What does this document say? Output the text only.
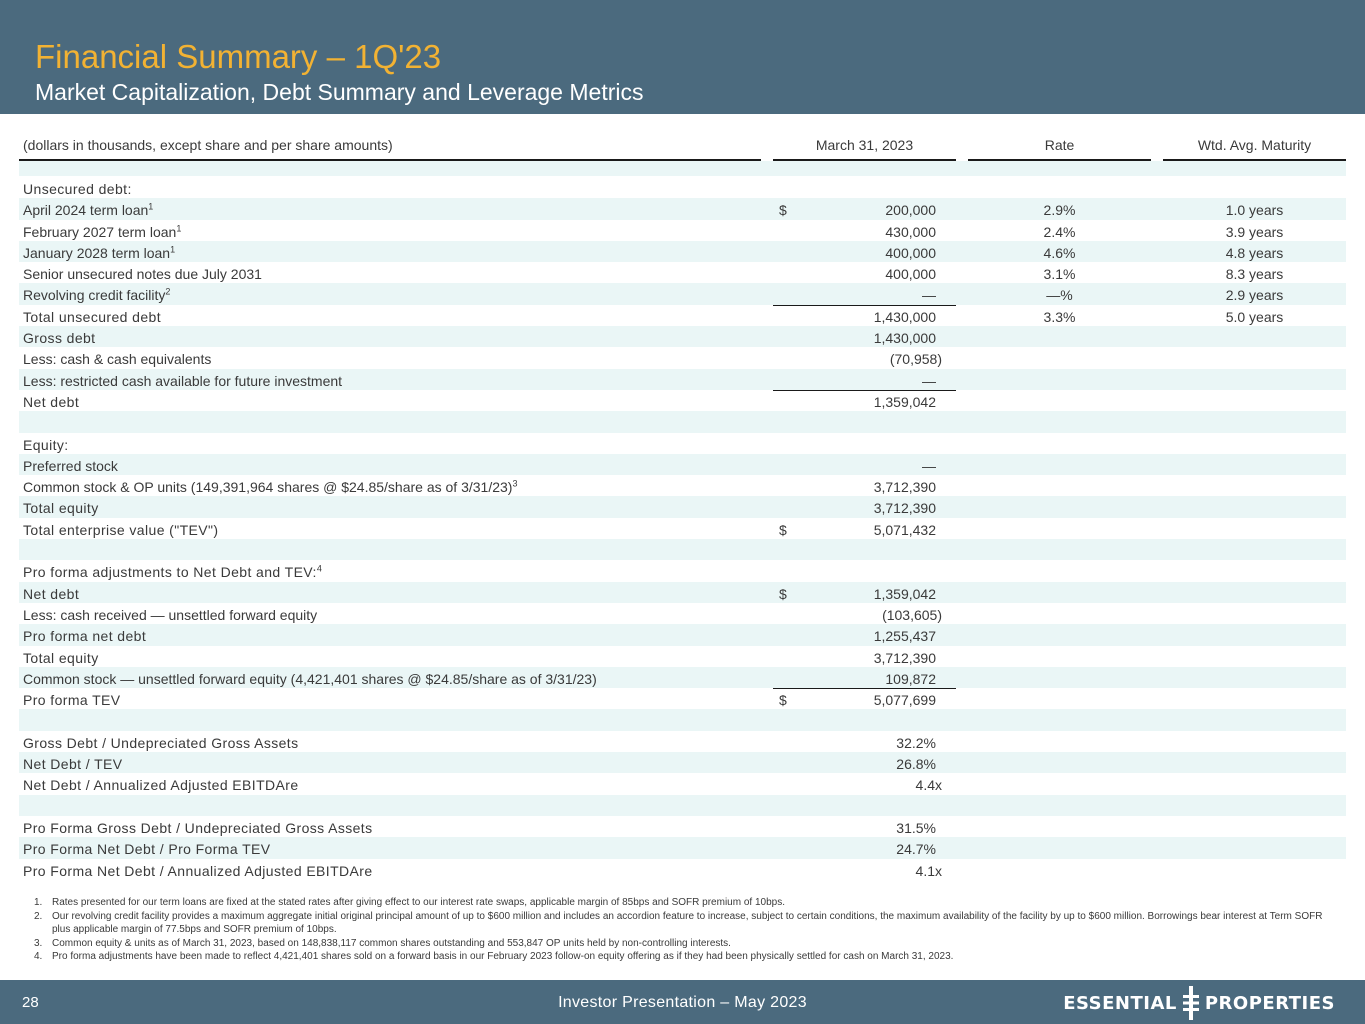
Financial Summary – 1Q'23
Market Capitalization, Debt Summary and Leverage Metrics
(dollars in thousands, except share and per share amounts)	March 31, 2023	Rate	Wtd. Avg. Maturity
Unsecured debt:
April 2024 term loan$^1$	$	200,000	2.9%	1.0 years
February 2027 term loan$^1$	430,000	2.4%	3.9 years
January 2028 term loan$^1$	400,000	4.6%	4.8 years
Senior unsecured notes due July 2031	400,000	3.1%	8.3 years
Revolving credit facility$^2$	—	—%	2.9 years
Total unsecured debt	1,430,000	3.3%	5.0 years
Gross debt	1,430,000
Less: cash & cash equivalents	(70,958)
Less: restricted cash available for future investment	—
Net debt	1,359,042
Equity:
Preferred stock	—
Common stock & OP units (149,391,964 shares @ $24.85/share as of 3/31/23)$^3$	3,712,390
Total equity	3,712,390
Total enterprise value ("TEV")	$	5,071,432
Pro forma adjustments to Net Debt and TEV:$^4$
Net debt	$	1,359,042
Less: cash received — unsettled forward equity	(103,605)
Pro forma net debt	1,255,437
Total equity	3,712,390
Common stock — unsettled forward equity (4,421,401 shares @ $24.85/share as of 3/31/23)	109,872
Pro forma TEV	$	5,077,699
Gross Debt / Undepreciated Gross Assets	32.2%
Net Debt / TEV	26.8%
Net Debt / Annualized Adjusted EBITDAre	4.4x
Pro Forma Gross Debt / Undepreciated Gross Assets	31.5%
Pro Forma Net Debt / Pro Forma TEV	24.7%
Pro Forma Net Debt / Annualized Adjusted EBITDAre	4.1x
1. Rates presented for our term loans are fixed at the stated rates after giving effect to our interest rate swaps, applicable margin of 85bps and SOFR premium of 10bps.
2. Our revolving credit facility provides a maximum aggregate initial original principal amount of up to $600 million and includes an accordion feature to increase, subject to certain conditions, the maximum availability of the facility by up to $600 million. Borrowings bear interest at Term SOFR plus applicable margin of 77.5bps and SOFR premium of 10bps.
3. Common equity & units as of March 31, 2023, based on 148,838,117 common shares outstanding and 553,847 OP units held by non-controlling interests.
4. Pro forma adjustments have been made to reflect 4,421,401 shares sold on a forward basis in our February 2023 follow-on equity offering as if they had been physically settled for cash on March 31, 2023.
28	Investor Presentation – May 2023	ESSENTIAL PROPERTIES
